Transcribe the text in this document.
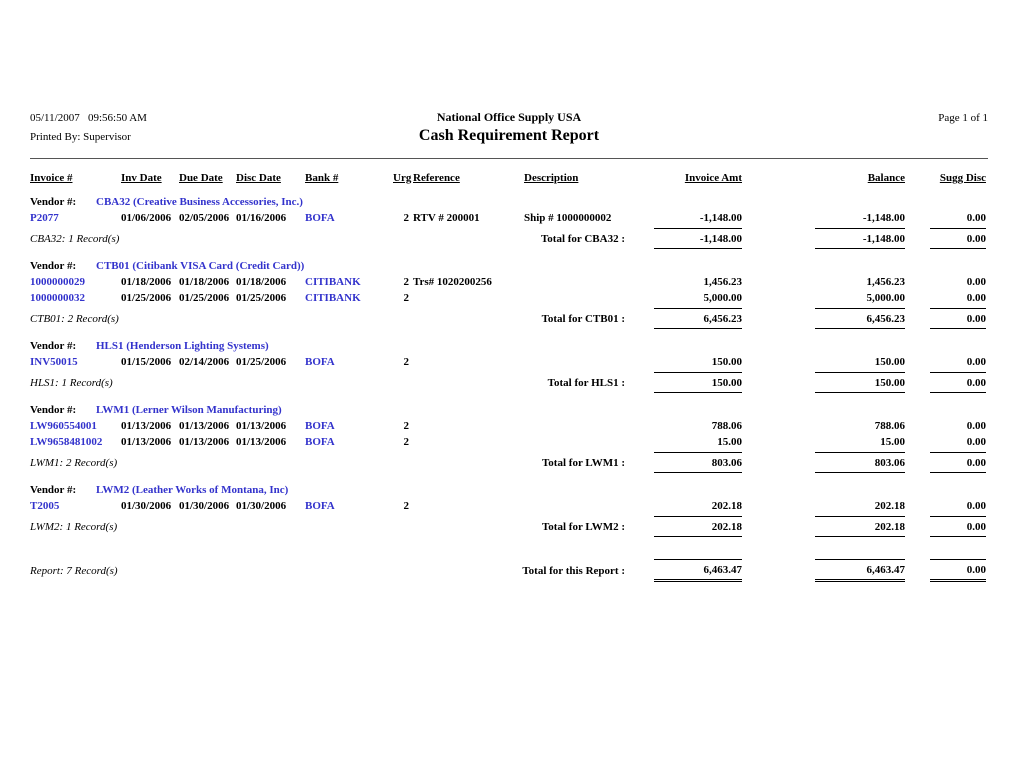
05/11/2007   09:56:50 AM	National Office Supply USA	Page 1 of 1
Printed By: Supervisor	Cash Requirement Report
Invoice #	Inv Date	Due Date	Disc Date	Bank #	Urg Reference	Description	Invoice Amt	Balance	Sugg Disc
Vendor #: CBA32 (Creative Business Accessories, Inc.)
P2077	01/06/2006 02/05/2006 01/16/2006	BOFA	2 RTV # 200001	Ship # 1000000002	-1,148.00	-1,148.00	0.00
CBA32: 1 Record(s)	Total for CBA32 :	-1,148.00	-1,148.00	0.00
Vendor #: CTB01 (Citibank VISA Card (Credit Card))
1000000029	01/18/2006 01/18/2006 01/18/2006	CITIBANK	2 Trs# 1020200256	1,456.23	1,456.23	0.00
1000000032	01/25/2006 01/25/2006 01/25/2006	CITIBANK	2	5,000.00	5,000.00	0.00
CTB01: 2 Record(s)	Total for CTB01 :	6,456.23	6,456.23	0.00
Vendor #: HLS1 (Henderson Lighting Systems)
INV50015	01/15/2006 02/14/2006 01/25/2006	BOFA	2	150.00	150.00	0.00
HLS1: 1 Record(s)	Total for HLS1 :	150.00	150.00	0.00
Vendor #: LWM1 (Lerner Wilson Manufacturing)
LW960554001	01/13/2006 01/13/2006 01/13/2006	BOFA	2	788.06	788.06	0.00
LW9658481002	01/13/2006 01/13/2006 01/13/2006	BOFA	2	15.00	15.00	0.00
LWM1: 2 Record(s)	Total for LWM1 :	803.06	803.06	0.00
Vendor #: LWM2 (Leather Works of Montana, Inc)
T2005	01/30/2006 01/30/2006 01/30/2006	BOFA	2	202.18	202.18	0.00
LWM2: 1 Record(s)	Total for LWM2 :	202.18	202.18	0.00
Report: 7 Record(s)	Total for this Report :	6,463.47	6,463.47	0.00
